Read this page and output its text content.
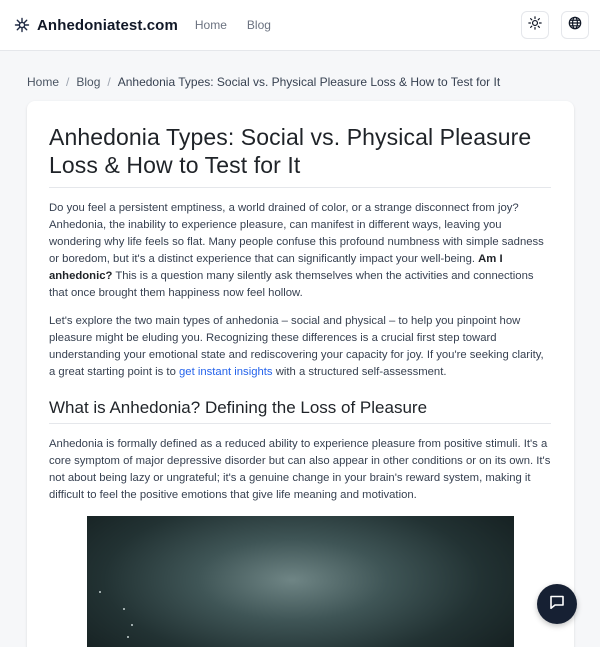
Anhedoniatest.com Home Blog
Home / Blog / Anhedonia Types: Social vs. Physical Pleasure Loss & How to Test for It
Anhedonia Types: Social vs. Physical Pleasure Loss & How to Test for It

Do you feel a persistent emptiness, a world drained of color, or a strange disconnect from joy? Anhedonia, the inability to experience pleasure, can manifest in different ways, leaving you wondering why life feels so flat. Many people confuse this profound numbness with simple sadness or boredom, but it's a distinct experience that can significantly impact your well-being. Am I anhedonic? This is a question many silently ask themselves when the activities and connections that once brought them happiness now feel hollow.

Let's explore the two main types of anhedonia – social and physical – to help you pinpoint how pleasure might be eluding you. Recognizing these differences is a crucial first step toward understanding your emotional state and rediscovering your capacity for joy. If you're seeking clarity, a great starting point is to get instant insights with a structured self-assessment.

What is Anhedonia? Defining the Loss of Pleasure

Anhedonia is formally defined as a reduced ability to experience pleasure from positive stimuli. It's a core symptom of major depressive disorder but can also appear in other conditions or on its own. It's not about being lazy or ungrateful; it's a genuine change in your brain's reward system, making it difficult to feel the positive emotions that give life meaning and motivation.
